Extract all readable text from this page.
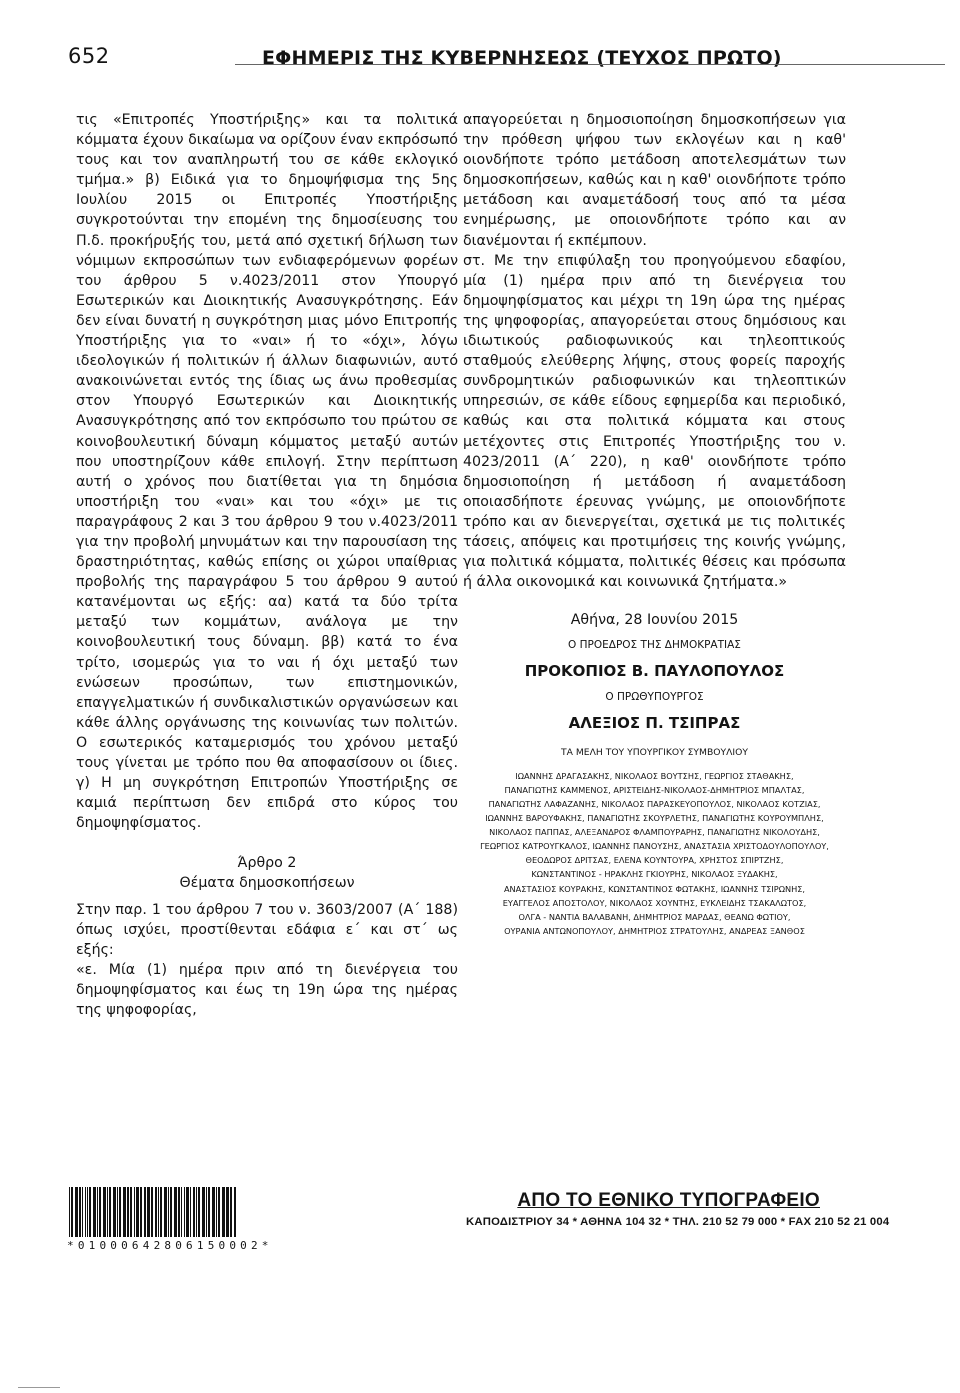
652	ΕΦΗΜΕΡΙΣ ΤΗΣ ΚΥΒΕΡΝΗΣΕΩΣ (ΤΕΥΧΟΣ ΠΡΩΤΟ)

τις «Επιτροπές Υποστήριξης» και τα πολιτικά κόμματα έχουν δικαίωμα να ορίζουν έναν εκπρόσωπό τους και τον αναπληρωτή του σε κάθε εκλογικό τμήμα.» β) Ειδικά για το δημοψήφισμα της 5ης Ιουλίου 2015 οι Επιτροπές Υποστήριξης συγκροτούνται την επομένη της δημοσίευσης του Π.δ. προκήρυξής του, μετά από σχετική δήλωση των νόμιμων εκπροσώπων των ενδιαφερόμενων φορέων του άρθρου 5 ν.4023/2011 στον Υπουργό Εσωτερικών και Διοικητικής Ανασυγκρότησης. Εάν δεν είναι δυνατή η συγκρότηση μιας μόνο Επιτροπής Υποστήριξης για το «ναι» ή το «όχι», λόγω ιδεολογικών ή πολιτικών ή άλλων διαφωνιών, αυτό ανακοινώνεται εντός της ίδιας ως άνω προθεσμίας στον Υπουργό Εσωτερικών και Διοικητικής Ανασυγκρότησης από τον εκπρόσωπο του πρώτου σε κοινοβουλευτική δύναμη κόμματος μεταξύ αυτών που υποστηρίζουν κάθε επιλογή. Στην περίπτωση αυτή ο χρόνος που διατίθεται για τη δημόσια υποστήριξη του «ναι» και του «όχι» με τις παραγράφους 2 και 3 του άρθρου 9 του ν.4023/2011 για την προβολή μηνυμάτων και την παρουσίαση της δραστηριότητας, καθώς επίσης οι χώροι υπαίθριας προβολής της παραγράφου 5 του άρθρου 9 αυτού κατανέμονται ως εξής: αα) κατά τα δύο τρίτα μεταξύ των κομμάτων, ανάλογα με την κοινοβουλευτική τους δύναμη. ββ) κατά το ένα τρίτο, ισομερώς για το ναι ή όχι μεταξύ των ενώσεων προσώπων, των επιστημονικών, επαγγελματικών ή συνδικαλιστικών οργανώσεων και κάθε άλλης οργάνωσης της κοινωνίας των πολιτών. Ο εσωτερικός καταμερισμός του χρόνου μεταξύ τους γίνεται με τρόπο που θα αποφασίσουν οι ίδιες. γ) Η μη συγκρότηση Επιτροπών Υποστήριξης σε καμιά περίπτωση δεν επιδρά στο κύρος του δημοψηφίσματος.

Άρθρο 2
Θέματα δημοσκοπήσεων

Στην παρ. 1 του άρθρου 7 του ν. 3603/2007 (Α΄ 188) όπως ισχύει, προστίθενται εδάφια ε΄ και στ΄ ως εξής:

«ε. Μία (1) ημέρα πριν από τη διενέργεια του δημοψηφίσματος και έως τη 19η ώρα της ημέρας της ψηφοφορίας,

απαγορεύεται η δημοσιοποίηση δημοσκοπήσεων για την πρόθεση ψήφου των εκλογέων και η καθ' οιονδήποτε τρόπο μετάδοση αποτελεσμάτων των δημοσκοπήσεων, καθώς και η καθ' οιονδήποτε τρόπο μετάδοση και αναμετάδοσή τους από τα μέσα ενημέρωσης, με οποιονδήποτε τρόπο και αν διανέμονται ή εκπέμπουν.

στ. Με την επιφύλαξη του προηγούμενου εδαφίου, μία (1) ημέρα πριν από τη διενέργεια του δημοψηφίσματος και μέχρι τη 19η ώρα της ημέρας της ψηφοφορίας, απαγορεύεται στους δημόσιους και ιδιωτικούς ραδιοφωνικούς και τηλεοπτικούς σταθμούς ελεύθερης λήψης, στους φορείς παροχής συνδρομητικών ραδιοφωνικών και τηλεοπτικών υπηρεσιών, σε κάθε είδους εφημερίδα και περιοδικό, καθώς και στα πολιτικά κόμματα και στους μετέχοντες στις Επιτροπές Υποστήριξης του ν. 4023/2011 (Α΄ 220), η καθ' οιονδήποτε τρόπο δημοσιοποίηση ή μετάδοση ή αναμετάδοση οποιασδήποτε έρευνας γνώμης, με οποιονδήποτε τρόπο και αν διενεργείται, σχετικά με τις πολιτικές τάσεις, απόψεις και προτιμήσεις της κοινής γνώμης, για πολιτικά κόμματα, πολιτικές θέσεις και πρόσωπα ή άλλα οικονομικά και κοινωνικά ζητήματα.»

Αθήνα, 28 Ιουνίου 2015
Ο ΠΡΟΕΔΡΟΣ ΤΗΣ ΔΗΜΟΚΡΑΤΙΑΣ
ΠΡΟΚΟΠΙΟΣ Β. ΠΑΥΛΟΠΟΥΛΟΣ
Ο ΠΡΩΘΥΠΟΥΡΓΟΣ
ΑΛΕΞΙΟΣ Π. ΤΣΙΠΡΑΣ
ΤΑ ΜΕΛΗ ΤΟΥ ΥΠΟΥΡΓΙΚΟΥ ΣΥΜΒΟΥΛΙΟΥ
ΙΩΑΝΝΗΣ ΔΡΑΓΑΣΑΚΗΣ, ΝΙΚΟΛΑΟΣ ΒΟΥΤΣΗΣ, ΓΕΩΡΓΙΟΣ ΣΤΑΘΑΚΗΣ,
ΠΑΝΑΓΙΩΤΗΣ ΚΑΜΜΕΝΟΣ, ΑΡΙΣΤΕΙΔΗΣ-ΝΙΚΟΛΑΟΣ-ΔΗΜΗΤΡΙΟΣ ΜΠΑΛΤΑΣ,
ΠΑΝΑΓΙΩΤΗΣ ΛΑΦΑΖΑΝΗΣ, ΝΙΚΟΛΑΟΣ ΠΑΡΑΣΚΕΥΟΠΟΥΛΟΣ, ΝΙΚΟΛΑΟΣ ΚΟΤΖΙΑΣ,
ΙΩΑΝΝΗΣ ΒΑΡΟΥΦΑΚΗΣ, ΠΑΝΑΓΙΩΤΗΣ ΣΚΟΥΡΛΕΤΗΣ, ΠΑΝΑΓΙΩΤΗΣ ΚΟΥΡΟΥΜΠΛΗΣ,
ΝΙΚΟΛΑΟΣ ΠΑΠΠΑΣ, ΑΛΕΞΑΝΔΡΟΣ ΦΛΑΜΠΟΥΡΑΡΗΣ, ΠΑΝΑΓΙΩΤΗΣ ΝΙΚΟΛΟΥΔΗΣ,
ΓΕΩΡΓΙΟΣ ΚΑΤΡΟΥΓΚΑΛΟΣ, ΙΩΑΝΝΗΣ ΠΑΝΟΥΣΗΣ, ΑΝΑΣΤΑΣΙΑ ΧΡΙΣΤΟΔΟΥΛΟΠΟΥΛΟΥ,
ΘΕΟΔΩΡΟΣ ΔΡΙΤΣΑΣ, ΕΛΕΝΑ ΚΟΥΝΤΟΥΡΑ, ΧΡΗΣΤΟΣ ΣΠΙΡΤΖΗΣ,
ΚΩΝΣΤΑΝΤΙΝΟΣ - ΗΡΑΚΛΗΣ ΓΚΙΟΥΡΗΣ, ΝΙΚΟΛΑΟΣ ΞΥΔΑΚΗΣ,
ΑΝΑΣΤΑΣΙΟΣ ΚΟΥΡΑΚΗΣ, ΚΩΝΣΤΑΝΤΙΝΟΣ ΦΩΤΑΚΗΣ, ΙΩΑΝΝΗΣ ΤΣΙΡΩΝΗΣ,
ΕΥΑΓΓΕΛΟΣ ΑΠΟΣΤΟΛΟΥ, ΝΙΚΟΛΑΟΣ ΧΟΥΝΤΗΣ, ΕΥΚΛΕΙΔΗΣ ΤΣΑΚΑΛΩΤΟΣ,
ΟΛΓΑ - ΝΑΝΤΙΑ ΒΑΛΑΒΑΝΗ, ΔΗΜΗΤΡΙΟΣ ΜΑΡΔΑΣ, ΘΕΑΝΩ ΦΩΤΙΟΥ,
ΟΥΡΑΝΙΑ ΑΝΤΩΝΟΠΟΥΛΟΥ, ΔΗΜΗΤΡΙΟΣ ΣΤΡΑΤΟΥΛΗΣ, ΑΝΔΡΕΑΣ ΞΑΝΘΟΣ
*01000642806150002*
ΑΠΟ ΤΟ ΕΘΝΙΚΟ ΤΥΠΟΓΡΑΦΕΙΟ
ΚΑΠΟΔΙΣΤΡΙΟΥ 34 * ΑΘΗΝΑ 104 32 * ΤΗΛ. 210 52 79 000 * FAX 210 52 21 004
